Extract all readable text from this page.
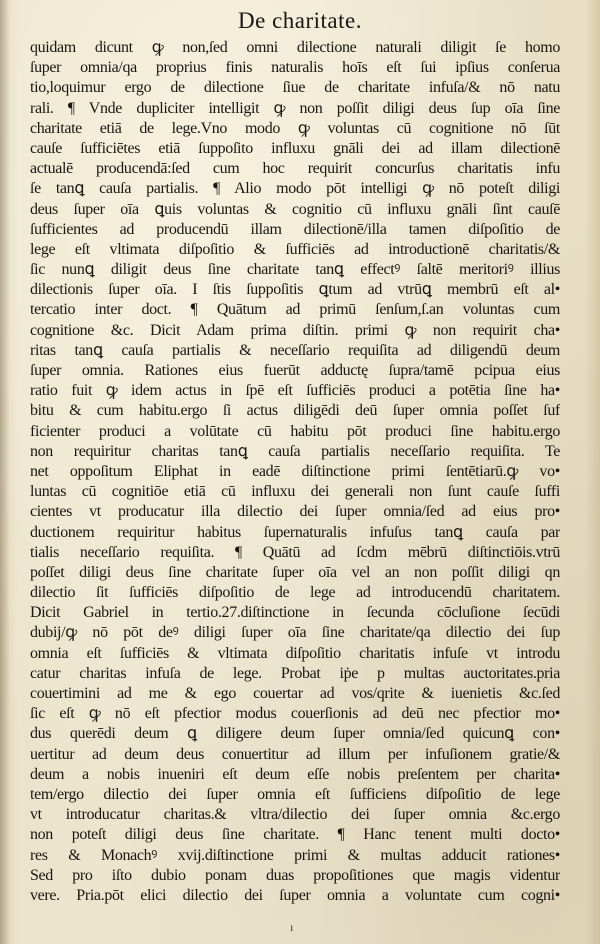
De charitate.
quidam dicunt ꝙ non,ſed omni dilectione naturali diligit ſe homo
ſuper omnia/qa proprius finis naturalis hoīs eſt ſui ipſius conſerua
tio,loquimur ergo de dilectione ſiue de charitate infuſa/& nō natu
rali. ¶ Vnde dupliciter intelligit ꝙ non poſſit diligi deus ſup oīa ſine
charitate etiā de lege.Vno modo ꝙ voluntas cū cognitione nō ſūt
cauſe ſufficiētes etiā ſuppoſito influxu gnāli dei ad illam dilectionē
actualē producendā:ſed cum hoc requirit concurſus charitatis infu
ſe tanꝗ cauſa partialis. ¶ Alio modo pōt intelligi ꝙ nō poteſt diligi
deus ſuper oīa ꝗuis voluntas & cognitio cū influxu gnāli ſint cauſē
ſufficientes ad producendū illam dilectionē/illa tamen diſpoſitio de
lege eſt vltimata diſpoſitio & ſufficiēs ad introductionē charitatis/&
ſic nunꝗ diligit deus ſine charitate tanꝗ effectꝰ ſaltē meritoriꝰ illius
dilectionis ſuper oīa. I ſtis ſuppoſitis ꝗtum ad vtrūꝗ membrū eſt al•
tercatio inter doct. ¶ Quātum ad primū ſenſum,ſ.an voluntas cum
cognitione &c. Dicit Adam prima diſtin. primi ꝙ non requirit cha•
ritas tanꝗ cauſa partialis & neceſſario requiſita ad diligendū deum
ſuper omnia. Rationes eius fuerūt adductę ſupra/tamē pcipua eius
ratio fuit ꝙ idem actus in ſpē eſt ſufficiēs produci a potētia ſine ha•
bitu & cum habitu.ergo ſi actus diligēdi deū ſuper omnia poſſet ſuf
ficienter produci a volūtate cū habitu pōt produci ſine habitu.ergo
non requiritur charitas tanꝗ cauſa partialis neceſſario requiſita. Te
net oppoſitum Eliphat in eadē diſtinctione primi ſentētiarū.ꝙ vo•
luntas cū cognitiōe etiā cū influxu dei generali non ſunt cauſe ſuffi
cientes vt producatur illa dilectio dei ſuper omnia/ſed ad eius pro•
ductionem requiritur habitus ſupernaturalis infuſus tanꝗ cauſa par
tialis neceſſario requiſita. ¶ Quātū ad ſcdm mēbrū diſtinctiōis.vtrū
poſſet diligi deus ſine charitate ſuper oīa vel an non poſſit diligi qn
dilectio ſit ſufficiēs diſpoſitio de lege ad introducendū charitatem.
Dicit Gabriel in tertio.27.diſtinctione in ſecunda cōcluſione ſecūdi
dubij/ꝙ nō pōt deꝰ diligi ſuper oīa ſine charitate/qa dilectio dei ſup
omnia eſt ſufficiēs & vltimata diſpoſitio charitatis infuſe vt introdu
catur charitas infuſa de lege. Probat iṗe p multas auctoritates.pria
couertimini ad me & ego couertar ad vos/qrite & iuenietis &c.ſed
ſic eſt ꝙ nō eſt pfectior modus couerſionis ad deū nec pfectior mo•
dus querēdi deum ꝗ diligere deum ſuper omnia/ſed quicunꝗ con•
uertitur ad deum deus conuertitur ad illum per infuſionem gratie/&
deum a nobis inueniri eſt deum eſſe nobis preſentem per charita•
tem/ergo dilectio dei ſuper omnia eſt ſufficiens diſpoſitio de lege
vt introducatur charitas.& vltra/dilectio dei ſuper omnia &c.ergo
non poteſt diligi deus ſine charitate. ¶ Hanc tenent multi docto•
res & Monachꝰ xvij.diſtinctione primi & multas adducit rationes•
Sed pro iſto dubio ponam duas propoſitiones que magis videntur
vere. Pria.pōt elici dilectio dei ſuper omnia a voluntate cum cogni•
ı
